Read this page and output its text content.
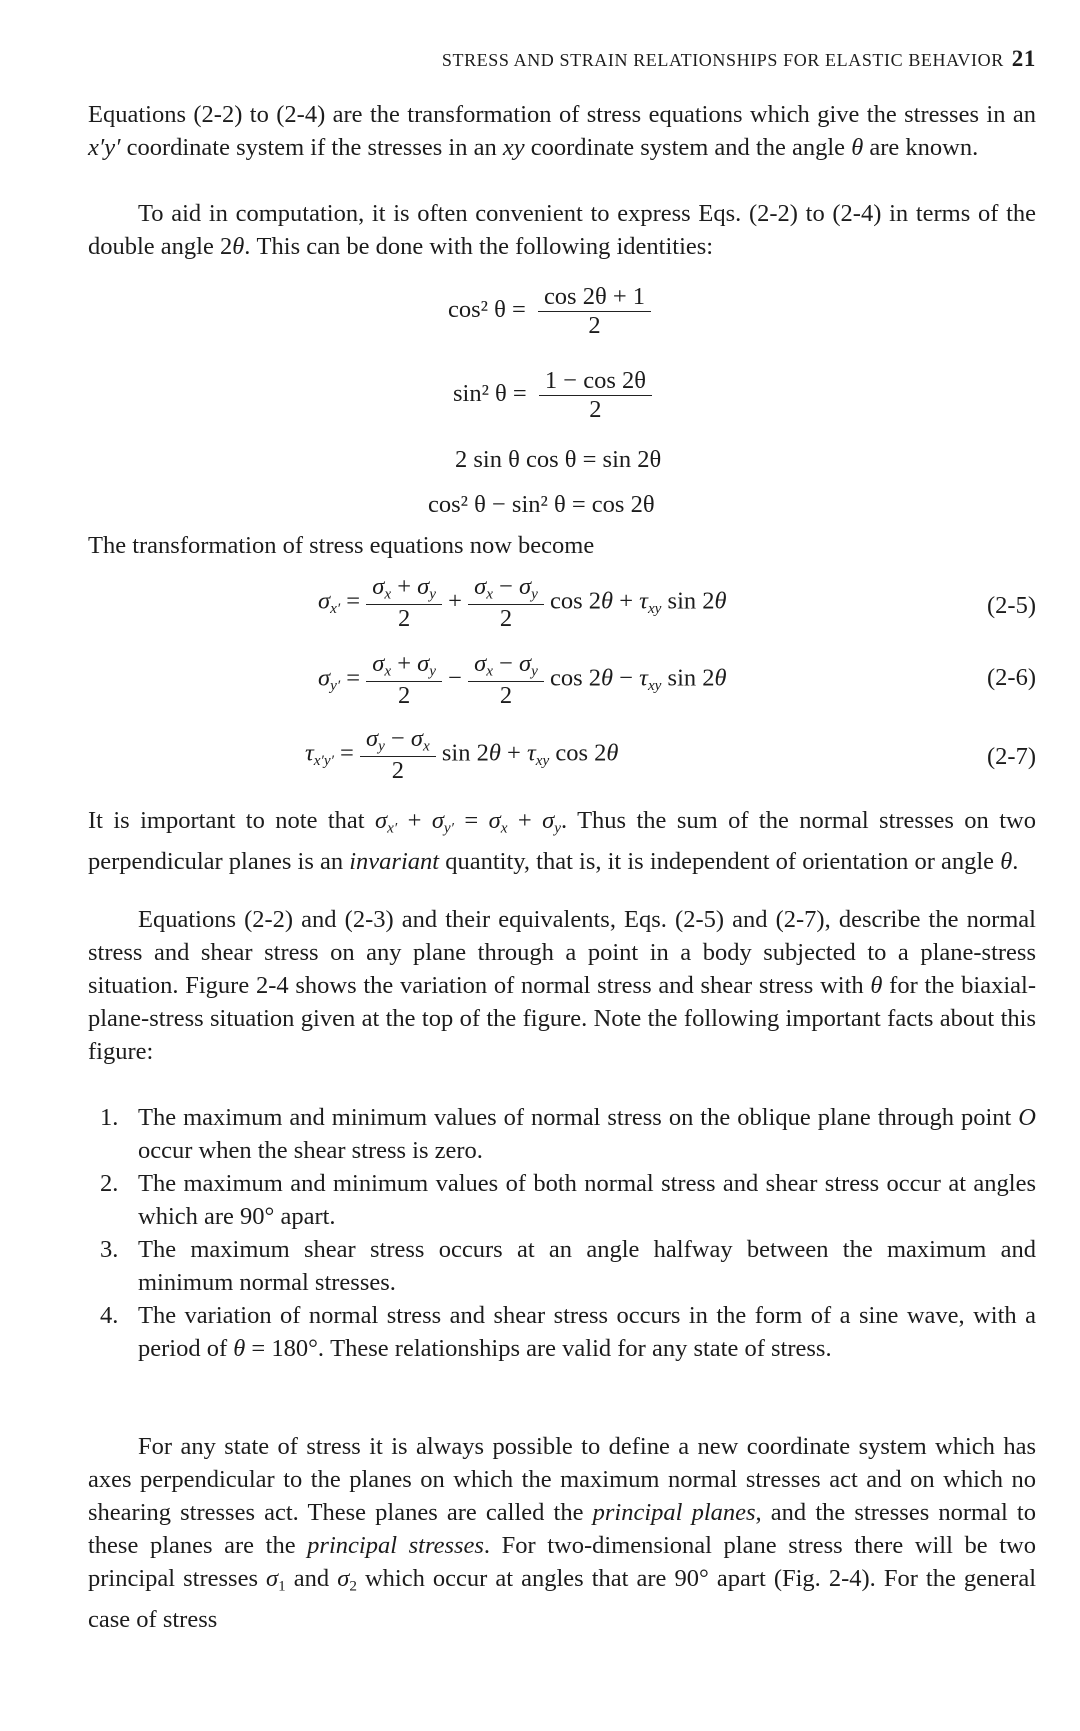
STRESS AND STRAIN RELATIONSHIPS FOR ELASTIC BEHAVIOR 21

Equations (2-2) to (2-4) are the transformation of stress equations which give the stresses in an x′y′ coordinate system if the stresses in an xy coordinate system and the angle θ are known.

To aid in computation, it is often convenient to express Eqs. (2-2) to (2-4) in terms of the double angle 2θ. This can be done with the following identities:

cos² $\theta = \frac{\cos 2\theta + 1}{2}$
sin² $\theta = \frac{1 - \cos 2\theta}{2}$
2 sin θ cos θ = sin 2θ
cos² θ − sin² θ = cos 2θ

The transformation of stress equations now become

$\sigma_{x'} = \frac{\sigma_x + \sigma_y}{2} + \frac{\sigma_x - \sigma_y}{2}$ $\cos 2\theta + \tau_{xy}$ sin 2θ	(2-5)
$\sigma_{y'} = \frac{\sigma_x + \sigma_y}{2} - \frac{\sigma_x - \sigma_y}{2}$ $\cos 2\theta - \tau_{xy}$ sin 2θ	(2-6)
$\tau_{x'y'} = \frac{\sigma_y - \sigma_x}{2}$ $\sin 2\theta + \tau_{xy}$ cos 2θ	(2-7)

It is important to note that $\sigma_{x'} + \sigma_{y'} = \sigma_x + \sigma_y$. Thus the sum of the normal stresses on two perpendicular planes is an invariant quantity, that is, it is independent of orientation or angle θ.

Equations (2-2) and (2-3) and their equivalents, Eqs. (2-5) and (2-7), describe the normal stress and shear stress on any plane through a point in a body subjected to a plane-stress situation. Figure 2-4 shows the variation of normal stress and shear stress with θ for the biaxial-plane-stress situation given at the top of the figure. Note the following important facts about this figure:

1. The maximum and minimum values of normal stress on the oblique plane through point O occur when the shear stress is zero.

2. The maximum and minimum values of both normal stress and shear stress occur at angles which are 90° apart.

3. The maximum shear stress occurs at an angle halfway between the maximum and minimum normal stresses.

4. The variation of normal stress and shear stress occurs in the form of a sine wave, with a period of θ = 180°. These relationships are valid for any state of stress.

For any state of stress it is always possible to define a new coordinate system which has axes perpendicular to the planes on which the maximum normal stresses act and on which no shearing stresses act. These planes are called the principal planes, and the stresses normal to these planes are the principal stresses. For two-dimensional plane stress there will be two principal stresses $\sigma_1$ and $\sigma_2$ which occur at angles that are 90° apart (Fig. 2-4). For the general case of stress
